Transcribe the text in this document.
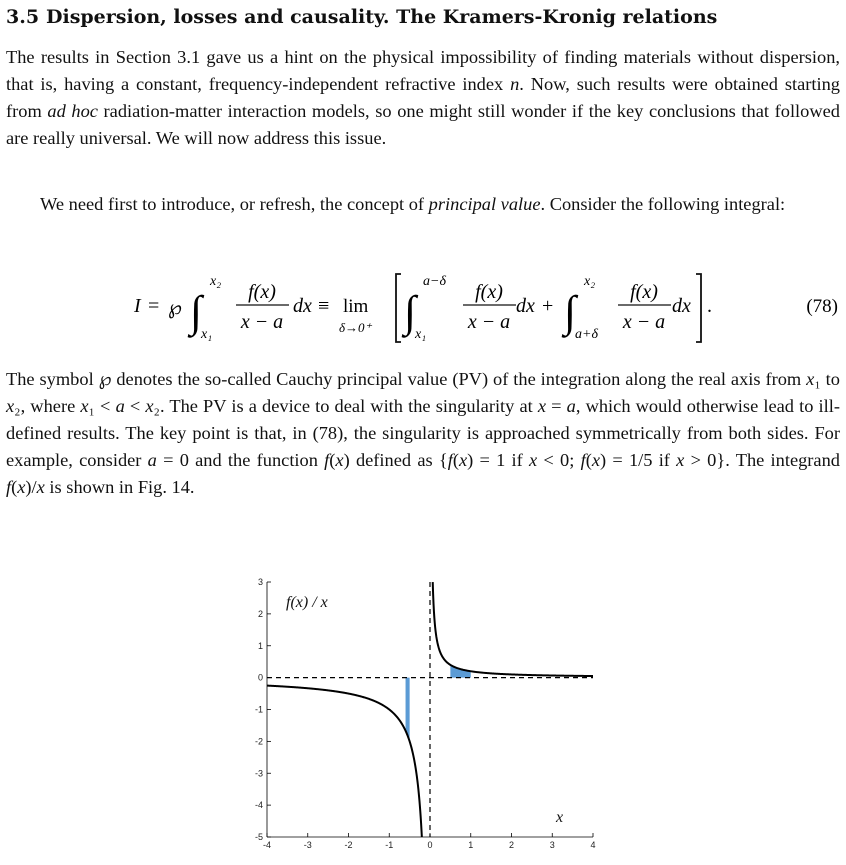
3.5 Dispersion, losses and causality. The Kramers-Kronig relations

The results in Section 3.1 gave us a hint on the physical impossibility of finding materials without dispersion, that is, having a constant, frequency-independent refractive index n. Now, such results were obtained starting from ad hoc radiation-matter interaction models, so one might still wonder if the key conclusions that followed are really universal. We will now address this issue.

We need first to introduce, or refresh, the concept of principal value. Consider the following integral:

I = ℘ ∫
x₂
x₁
f(x)
x − a
dx ≡ lim
δ→0⁺ ∫
a−δ
x₁
f(x)
x − a
dx + ∫
x₂
a+δ
f(x)
x − a
dx .	(78)

The symbol ℘ denotes the so-called Cauchy principal value (PV) of the integration along the real axis from x₁ to x₂, where x₁ < a < x₂. The PV is a device to deal with the singularity at x = a, which would otherwise lead to ill-defined results. The key point is that, in (78), the singularity is approached symmetrically from both sides. For example, consider a = 0 and the function f(x) defined as {f(x) = 1 if x < 0; f(x) = 1/5 if x > 0}. The integrand f(x)/x is shown in Fig. 14.

-4	-3	-2	-1	0	1	2	3	4
3
2
1
0
-1
-2
-3
-4
-5
f(x) / x
x
